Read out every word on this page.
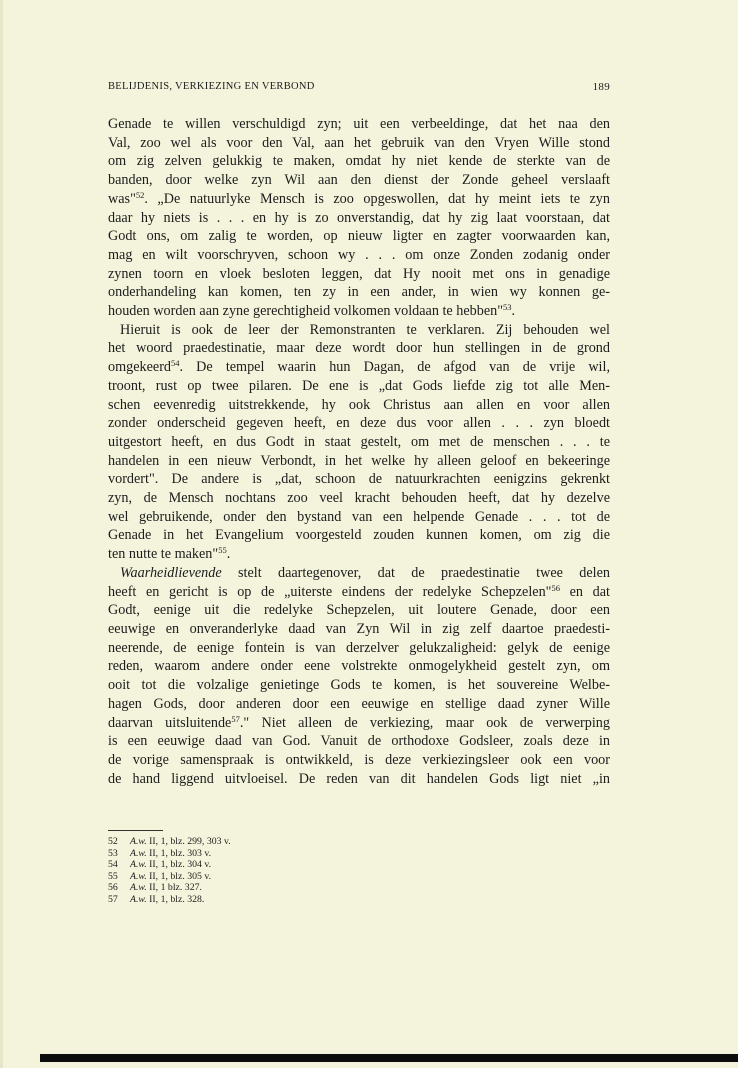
BELIJDENIS, VERKIEZING EN VERBOND	189

Genade te willen verschuldigd zyn; uit een verbeeldinge, dat het naa den
Val, zoo wel als voor den Val, aan het gebruik van den Vryen Wille stond
om zig zelven gelukkig te maken, omdat hy niet kende de sterkte van de
banden, door welke zyn Wil aan den dienst der Zonde geheel verslaaft
was"$^{52}$. „De natuurlyke Mensch is zoo opgeswollen, dat hy meint iets te zyn
daar hy niets is . . . en hy is zo onverstandig, dat hy zig laat voorstaan, dat
Godt ons, om zalig te worden, op nieuw ligter en zagter voorwaarden kan,
mag en wilt voorschryven, schoon wy . . . om onze Zonden zodanig onder
zynen toorn en vloek besloten leggen, dat Hy nooit met ons in genadige
onderhandeling kan komen, ten zy in een ander, in wien wy konnen ge-
houden worden aan zyne gerechtigheid volkomen voldaan te hebben"$^{53}$.

Hieruit is ook de leer der Remonstranten te verklaren. Zij behouden wel
het woord praedestinatie, maar deze wordt door hun stellingen in de grond
omgekeerd$^{54}$. De tempel waarin hun Dagan, de afgod van de vrije wil,
troont, rust op twee pilaren. De ene is „dat Gods liefde zig tot alle Men-
schen eevenredig uitstrekkende, hy ook Christus aan allen en voor allen
zonder onderscheid gegeven heeft, en deze dus voor allen . . . zyn bloedt
uitgestort heeft, en dus Godt in staat gestelt, om met de menschen . . . te
handelen in een nieuw Verbondt, in het welke hy alleen geloof en bekeeringe
vordert". De andere is „dat, schoon de natuurkrachten eenigzins gekrenkt
zyn, de Mensch nochtans zoo veel kracht behouden heeft, dat hy dezelve
wel gebruikende, onder den bystand van een helpende Genade . . . tot de
Genade in het Evangelium voorgesteld zouden kunnen komen, om zig die
ten nutte te maken"$^{55}$.

Waarheidlievende stelt daartegenover, dat de praedestinatie twee delen
heeft en gericht is op de „uiterste eindens der redelyke Schepzelen"$^{56}$ en dat
Godt, eenige uit die redelyke Schepzelen, uit loutere Genade, door een
eeuwige en onveranderlyke daad van Zyn Wil in zig zelf daartoe praedesti-
neerende, de eenige fontein is van derzelver gelukzaligheid: gelyk de eenige
reden, waarom andere onder eene volstrekte onmogelykheid gestelt zyn, om
ooit tot die volzalige genietinge Gods te komen, is het souvereine Welbe-
hagen Gods, door anderen door een eeuwige en stellige daad zyner Wille
daarvan uitsluitende$^{57}$." Niet alleen de verkiezing, maar ook de verwerping
is een eeuwige daad van God. Vanuit de orthodoxe Godsleer, zoals deze in
de vorige samenspraak is ontwikkeld, is deze verkiezingsleer ook een voor
de hand liggend uitvloeisel. De reden van dit handelen Gods ligt niet „in

52	A.w. II, 1, blz. 299, 303 v.
53	A.w. II, 1, blz. 303 v.
54	A.w. II, 1, blz. 304 v.
55	A.w. II, 1, blz. 305 v.
56	A.w. II, 1 blz. 327.
57	A.w. II, 1, blz. 328.
